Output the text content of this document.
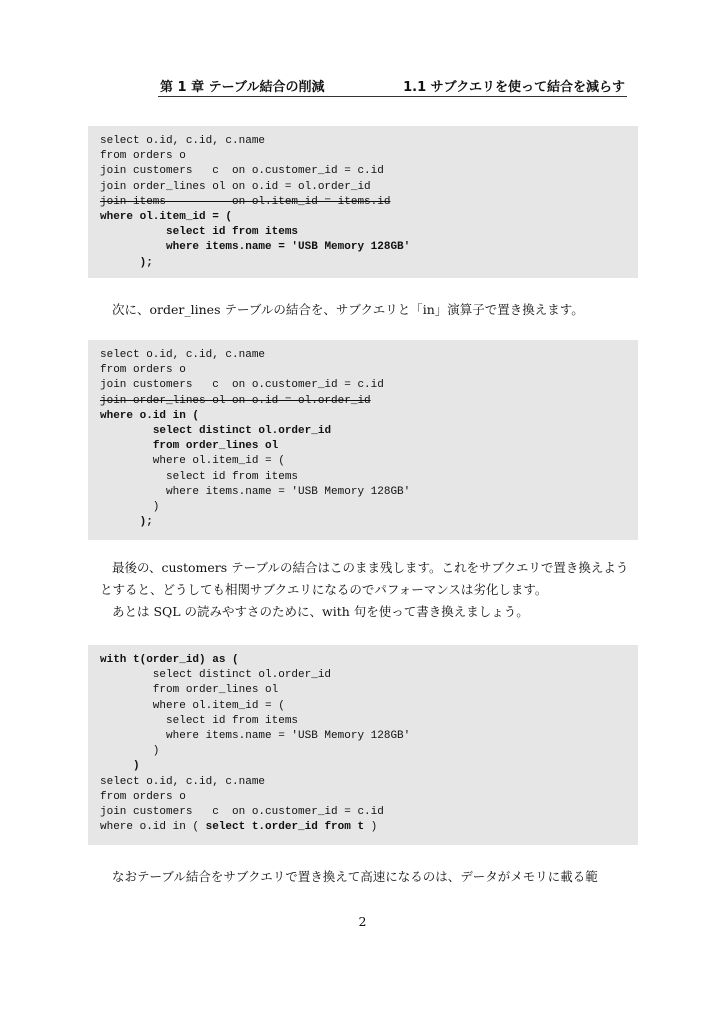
第 1 章 テーブル結合の削減	1.1 サブクエリを使って結合を減らす
select o.id, c.id, c.name
from orders o
join customers   c  on o.customer_id = c.id
join order_lines ol on o.id = ol.order_id
join items          on ol.item_id = items.id
where ol.item_id = (
select id from items
where items.name = 'USB Memory 128GB'
);
次に、order_lines テーブルの結合を、サブクエリと「in」演算子で置き換えます。
select o.id, c.id, c.name
from orders o
join customers   c  on o.customer_id = c.id
join order_lines ol on o.id = ol.order_id
where o.id in (
select distinct ol.order_id
from order_lines ol
where ol.item_id = (
select id from items
where items.name = 'USB Memory 128GB'
)
);
最後の、customers テーブルの結合はこのまま残します。これをサブクエリで置き換えようとすると、どうしても相関サブクエリになるのでパフォーマンスは劣化します。
あとは SQL の読みやすさのために、with 句を使って書き換えましょう。
with t(order_id) as (
select distinct ol.order_id
from order_lines ol
where ol.item_id = (
select id from items
where items.name = 'USB Memory 128GB'
)
)
select o.id, c.id, c.name
from orders o
join customers   c  on o.customer_id = c.id
where o.id in ( select t.order_id from t )
なおテーブル結合をサブクエリで置き換えて高速になるのは、データがメモリに載る範
2
